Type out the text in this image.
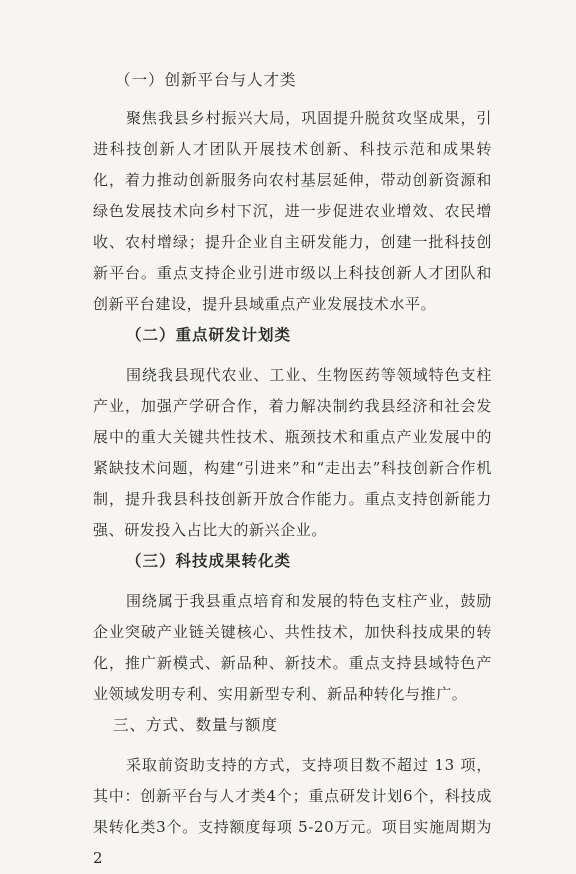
（一）创新平台与人才类

聚焦我县乡村振兴大局，巩固提升脱贫攻坚成果，引进科技创新人才团队开展技术创新、科技示范和成果转化，着力推动创新服务向农村基层延伸，带动创新资源和绿色发展技术向乡村下沉，进一步促进农业增效、农民增收、农村增绿；提升企业自主研发能力，创建一批科技创新平台。重点支持企业引进市级以上科技创新人才团队和创新平台建设，提升县域重点产业发展技术水平。

（二）重点研发计划类

围绕我县现代农业、工业、生物医药等领域特色支柱产业，加强产学研合作，着力解决制约我县经济和社会发展中的重大关键共性技术、瓶颈技术和重点产业发展中的紧缺技术问题，构建“引进来”和“走出去”科技创新合作机制，提升我县科技创新开放合作能力。重点支持创新能力强、研发投入占比大的新兴企业。

（三）科技成果转化类

围绕属于我县重点培育和发展的特色支柱产业，鼓励企业突破产业链关键核心、共性技术，加快科技成果的转化，推广新模式、新品种、新技术。重点支持县域特色产业领域发明专利、实用新型专利、新品种转化与推广。

三、方式、数量与额度

采取前资助支持的方式，支持项目数不超过 13 项，其中：创新平台与人才类4个；重点研发计划6个，科技成果转化类3个。支持额度每项 5-20万元。项目实施周期为2
